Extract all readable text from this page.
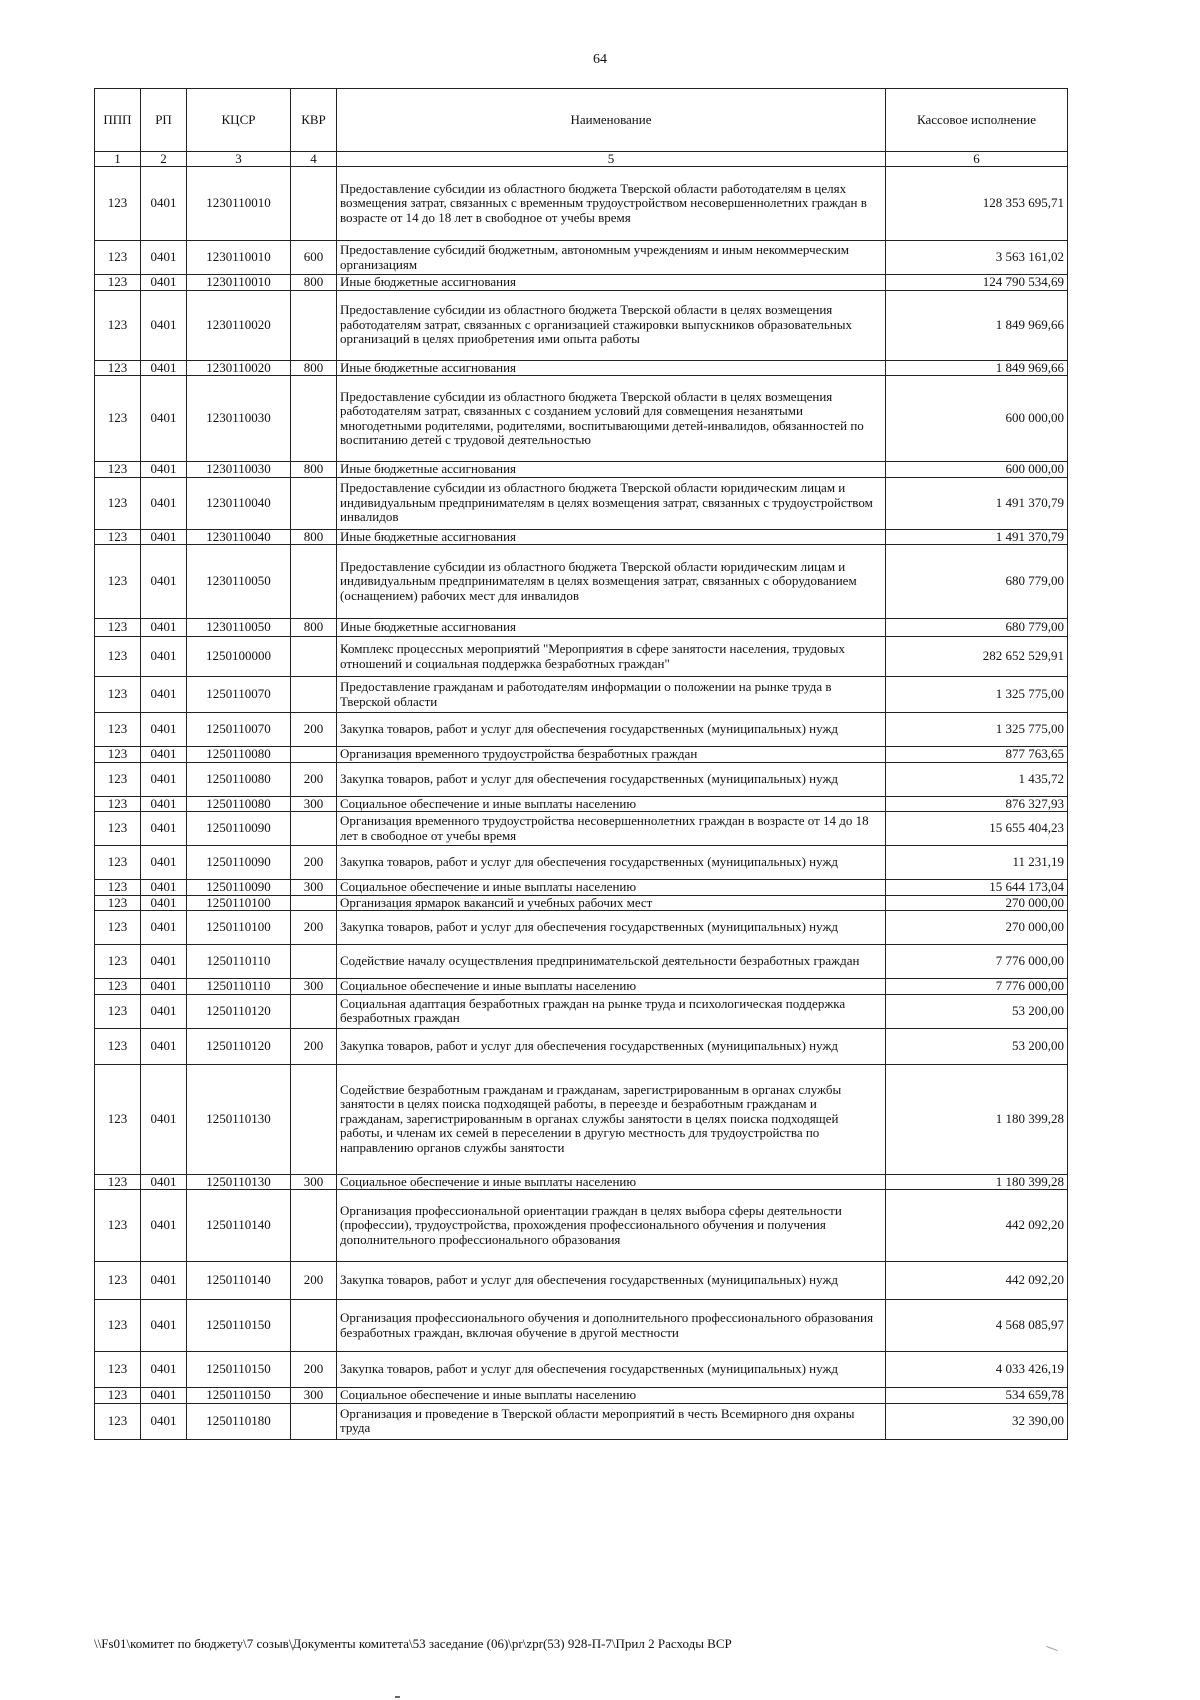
64
ППП	РП	КЦСР	КВР	Наименование	Кассовое исполнение
1	2	3	4	5	6
123	0401	1230110010		Предоставление субсидии из областного бюджета Тверской области работодателям в целях возмещения затрат, связанных с временным трудоустройством несовершеннолетних граждан в возрасте от 14 до 18 лет в свободное от учебы время	128 353 695,71
123	0401	1230110010	600	Предоставление субсидий бюджетным, автономным учреждениям и иным некоммерческим организациям	3 563 161,02
123	0401	1230110010	800	Иные бюджетные ассигнования	124 790 534,69
123	0401	1230110020		Предоставление субсидии из областного бюджета Тверской области в целях возмещения работодателям затрат, связанных с организацией стажировки выпускников образовательных организаций в целях приобретения ими опыта работы	1 849 969,66
123	0401	1230110020	800	Иные бюджетные ассигнования	1 849 969,66
123	0401	1230110030		Предоставление субсидии из областного бюджета Тверской области в целях возмещения работодателям затрат, связанных с созданием условий для совмещения незанятыми многодетными родителями, родителями, воспитывающими детей-инвалидов, обязанностей по воспитанию детей с трудовой деятельностью	600 000,00
123	0401	1230110030	800	Иные бюджетные ассигнования	600 000,00
123	0401	1230110040		Предоставление субсидии из областного бюджета Тверской области юридическим лицам и индивидуальным предпринимателям в целях возмещения затрат, связанных с трудоустройством инвалидов	1 491 370,79
123	0401	1230110040	800	Иные бюджетные ассигнования	1 491 370,79
123	0401	1230110050		Предоставление субсидии из областного бюджета Тверской области юридическим лицам и индивидуальным предпринимателям в целях возмещения затрат, связанных с оборудованием (оснащением) рабочих мест для инвалидов	680 779,00
123	0401	1230110050	800	Иные бюджетные ассигнования	680 779,00
123	0401	1250100000		Комплекс процессных мероприятий "Мероприятия в сфере занятости населения, трудовых отношений и социальная поддержка безработных граждан"	282 652 529,91
123	0401	1250110070		Предоставление гражданам и работодателям информации о положении на рынке труда в Тверской области	1 325 775,00
123	0401	1250110070	200	Закупка товаров, работ и услуг для обеспечения государственных (муниципальных) нужд	1 325 775,00
123	0401	1250110080		Организация временного трудоустройства безработных граждан	877 763,65
123	0401	1250110080	200	Закупка товаров, работ и услуг для обеспечения государственных (муниципальных) нужд	1 435,72
123	0401	1250110080	300	Социальное обеспечение и иные выплаты населению	876 327,93
123	0401	1250110090		Организация временного трудоустройства несовершеннолетних граждан в возрасте от 14 до 18 лет в свободное от учебы время	15 655 404,23
123	0401	1250110090	200	Закупка товаров, работ и услуг для обеспечения государственных (муниципальных) нужд	11 231,19
123	0401	1250110090	300	Социальное обеспечение и иные выплаты населению	15 644 173,04
123	0401	1250110100		Организация ярмарок вакансий и учебных рабочих мест	270 000,00
123	0401	1250110100	200	Закупка товаров, работ и услуг для обеспечения государственных (муниципальных) нужд	270 000,00
123	0401	1250110110		Содействие началу осуществления предпринимательской деятельности безработных граждан	7 776 000,00
123	0401	1250110110	300	Социальное обеспечение и иные выплаты населению	7 776 000,00
123	0401	1250110120		Социальная адаптация безработных граждан на рынке труда и психологическая поддержка безработных граждан	53 200,00
123	0401	1250110120	200	Закупка товаров, работ и услуг для обеспечения государственных (муниципальных) нужд	53 200,00
123	0401	1250110130		Содействие безработным гражданам и гражданам, зарегистрированным в органах службы занятости в целях поиска подходящей работы, в переезде и безработным гражданам и гражданам, зарегистрированным в органах службы занятости в целях поиска подходящей работы, и членам их семей в переселении в другую местность для трудоустройства по направлению органов службы занятости	1 180 399,28
123	0401	1250110130	300	Социальное обеспечение и иные выплаты населению	1 180 399,28
123	0401	1250110140		Организация профессиональной ориентации граждан в целях выбора сферы деятельности (профессии), трудоустройства, прохождения профессионального обучения и получения дополнительного профессионального образования	442 092,20
123	0401	1250110140	200	Закупка товаров, работ и услуг для обеспечения государственных (муниципальных) нужд	442 092,20
123	0401	1250110150		Организация профессионального обучения и дополнительного профессионального образования безработных граждан, включая обучение в другой местности	4 568 085,97
123	0401	1250110150	200	Закупка товаров, работ и услуг для обеспечения государственных (муниципальных) нужд	4 033 426,19
123	0401	1250110150	300	Социальное обеспечение и иные выплаты населению	534 659,78
123	0401	1250110180		Организация и проведение в Тверской области мероприятий в честь Всемирного дня охраны труда	32 390,00
\\Fs01\комитет по бюджету\7 созыв\Документы комитета\53 заседание (06)\pr\zpr(53) 928-П-7\Прил 2 Расходы ВСР
